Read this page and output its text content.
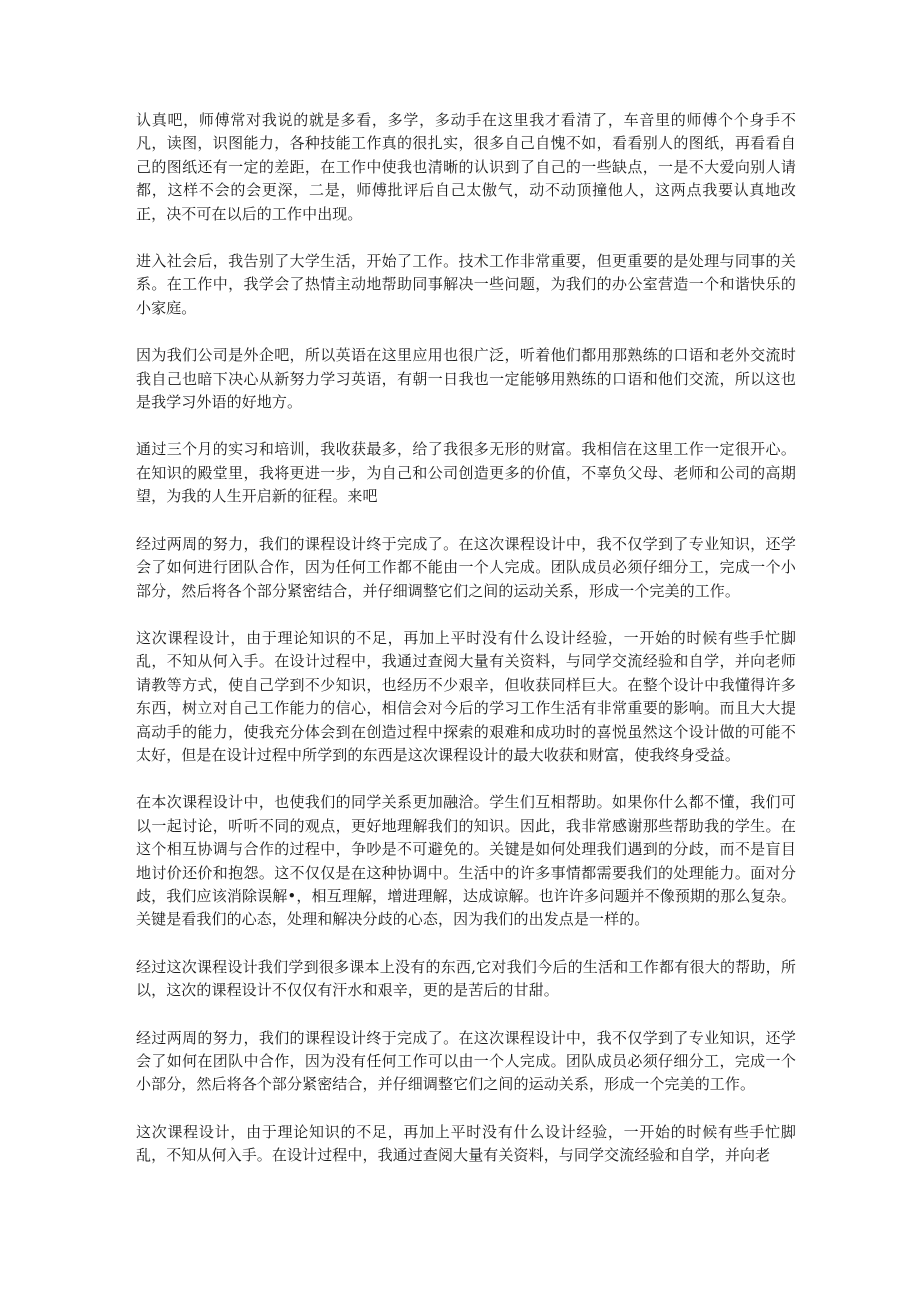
认真吧，师傅常对我说的就是多看，多学，多动手在这里我才看清了，车音里的师傅个个身手不凡，读图，识图能力，各种技能工作真的很扎实，很多自己自愧不如，看看别人的图纸，再看看自己的图纸还有一定的差距，在工作中使我也清晰的认识到了自己的一些缺点，一是不大爱向别人请都，这样不会的会更深，二是，师傅批评后自己太傲气，动不动顶撞他人，这两点我要认真地改正，决不可在以后的工作中出现。

进入社会后，我告别了大学生活，开始了工作。技术工作非常重要，但更重要的是处理与同事的关系。在工作中，我学会了热情主动地帮助同事解决一些问题，为我们的办公室营造一个和谐快乐的小家庭。

因为我们公司是外企吧，所以英语在这里应用也很广泛，听着他们都用那熟练的口语和老外交流时我自己也暗下决心从新努力学习英语，有朝一日我也一定能够用熟练的口语和他们交流，所以这也是我学习外语的好地方。

通过三个月的实习和培训，我收获最多，给了我很多无形的财富。我相信在这里工作一定很开心。在知识的殿堂里，我将更进一步，为自己和公司创造更多的价值，不辜负父母、老师和公司的高期望，为我的人生开启新的征程。来吧

经过两周的努力，我们的课程设计终于完成了。在这次课程设计中，我不仅学到了专业知识，还学会了如何进行团队合作，因为任何工作都不能由一个人完成。团队成员必须仔细分工，完成一个小部分，然后将各个部分紧密结合，并仔细调整它们之间的运动关系，形成一个完美的工作。

这次课程设计，由于理论知识的不足，再加上平时没有什么设计经验，一开始的时候有些手忙脚乱，不知从何入手。在设计过程中，我通过查阅大量有关资料，与同学交流经验和自学，并向老师请教等方式，使自己学到不少知识，也经历不少艰辛，但收获同样巨大。在整个设计中我懂得许多东西，树立对自己工作能力的信心，相信会对今后的学习工作生活有非常重要的影响。而且大大提高动手的能力，使我充分体会到在创造过程中探索的艰难和成功时的喜悦虽然这个设计做的可能不太好，但是在设计过程中所学到的东西是这次课程设计的最大收获和财富，使我终身受益。

在本次课程设计中，也使我们的同学关系更加融洽。学生们互相帮助。如果你什么都不懂，我们可以一起讨论，听听不同的观点，更好地理解我们的知识。因此，我非常感谢那些帮助我的学生。在这个相互协调与合作的过程中，争吵是不可避免的。关键是如何处理我们遇到的分歧，而不是盲目地讨价还价和抱怨。这不仅仅是在这种协调中。生活中的许多事情都需要我们的处理能力。面对分歧，我们应该消除误解•，相互理解，增进理解，达成谅解。也许许多问题并不像预期的那么复杂。关键是看我们的心态，处理和解决分歧的心态，因为我们的出发点是一样的。

经过这次课程设计我们学到很多课本上没有的东西,它对我们今后的生活和工作都有很大的帮助，所以，这次的课程设计不仅仅有汗水和艰辛，更的是苦后的甘甜。

经过两周的努力，我们的课程设计终于完成了。在这次课程设计中，我不仅学到了专业知识，还学会了如何在团队中合作，因为没有任何工作可以由一个人完成。团队成员必须仔细分工，完成一个小部分，然后将各个部分紧密结合，并仔细调整它们之间的运动关系，形成一个完美的工作。

这次课程设计，由于理论知识的不足，再加上平时没有什么设计经验，一开始的时候有些手忙脚乱，不知从何入手。在设计过程中，我通过查阅大量有关资料，与同学交流经验和自学，并向老
